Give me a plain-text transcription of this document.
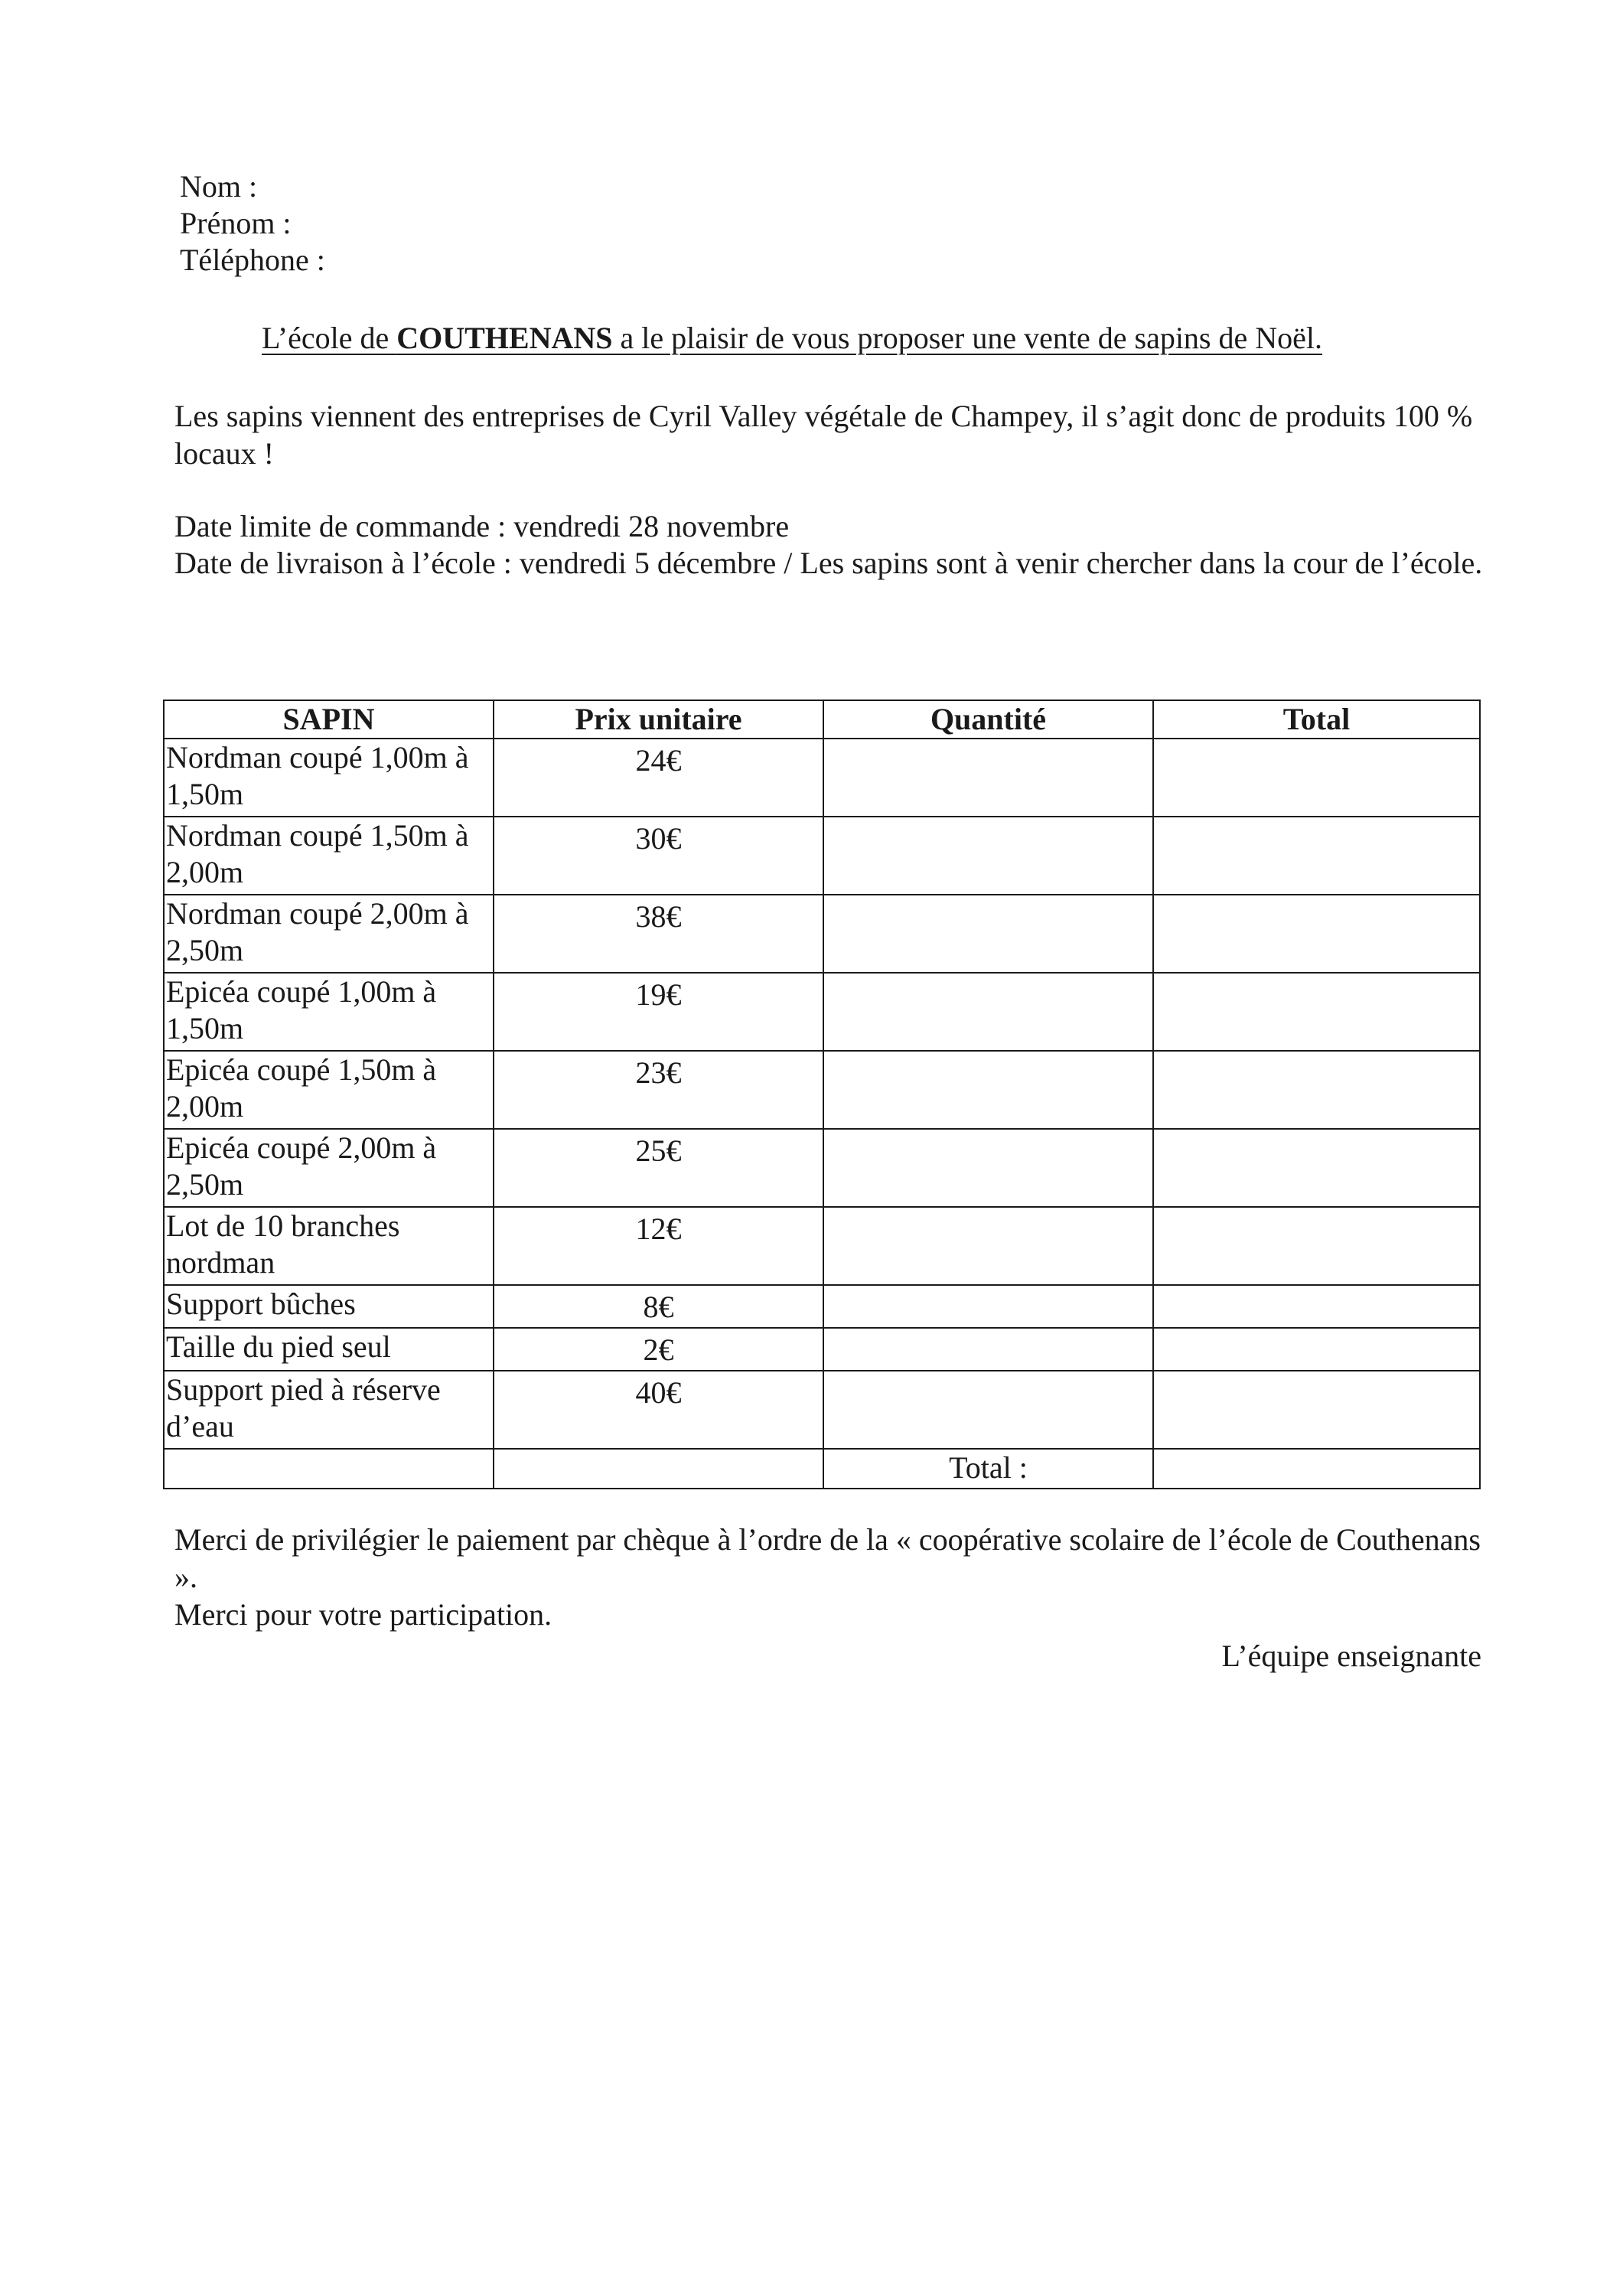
Nom :
Prénom :
Téléphone :
L’école de COUTHENANS a le plaisir de vous proposer une vente de sapins de Noël.
Les sapins viennent des entreprises de Cyril Valley végétale de Champey, il s’agit donc de produits 100 % locaux !
Date limite de commande : vendredi 28 novembre
Date de livraison à l’école : vendredi 5 décembre / Les sapins sont à venir chercher dans la cour de l’école.
SAPIN	Prix unitaire	Quantité	Total
Nordman coupé 1,00m à 1,50m	24€		
Nordman coupé 1,50m à 2,00m	30€		
Nordman coupé 2,00m à 2,50m	38€		
Epicéa coupé 1,00m à 1,50m	19€		
Epicéa coupé 1,50m à 2,00m	23€		
Epicéa coupé 2,00m à 2,50m	25€		
Lot de 10 branches nordman	12€		
Support bûches	8€		
Taille du pied seul	2€		
Support pied à réserve d’eau	40€		
		Total :	
Merci de privilégier le paiement par chèque à l’ordre de la « coopérative scolaire de l’école de Couthenans ».
Merci pour votre participation.
L’équipe enseignante
